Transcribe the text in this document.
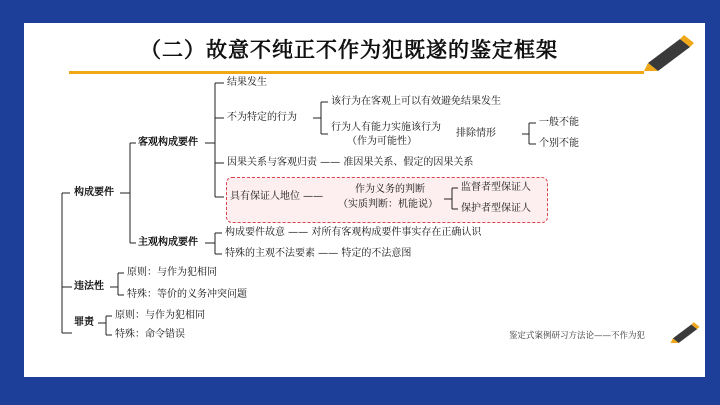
（二）故意不纯正不作为犯既遂的鉴定框架
构成要件
客观构成要件
结果发生
不为特定的行为
该行为在客观上可以有效避免结果发生
行为人有能力实施该行为
（作为可能性）
排除情形
一般不能
个别不能
因果关系与客观归责 —— 准因果关系、假定的因果关系
具有保证人地位 ——
作为义务的判断
（实质判断：机能说）
监督者型保证人
保护者型保证人
主观构成要件
构成要件故意 —— 对所有客观构成要件事实存在正确认识
特殊的主观不法要素 —— 特定的不法意图
违法性
原则：与作为犯相同
特殊：等价的义务冲突问题
罪责
原则：与作为犯相同
特殊：命令错误	鉴定式案例研习方法论——不作为犯
